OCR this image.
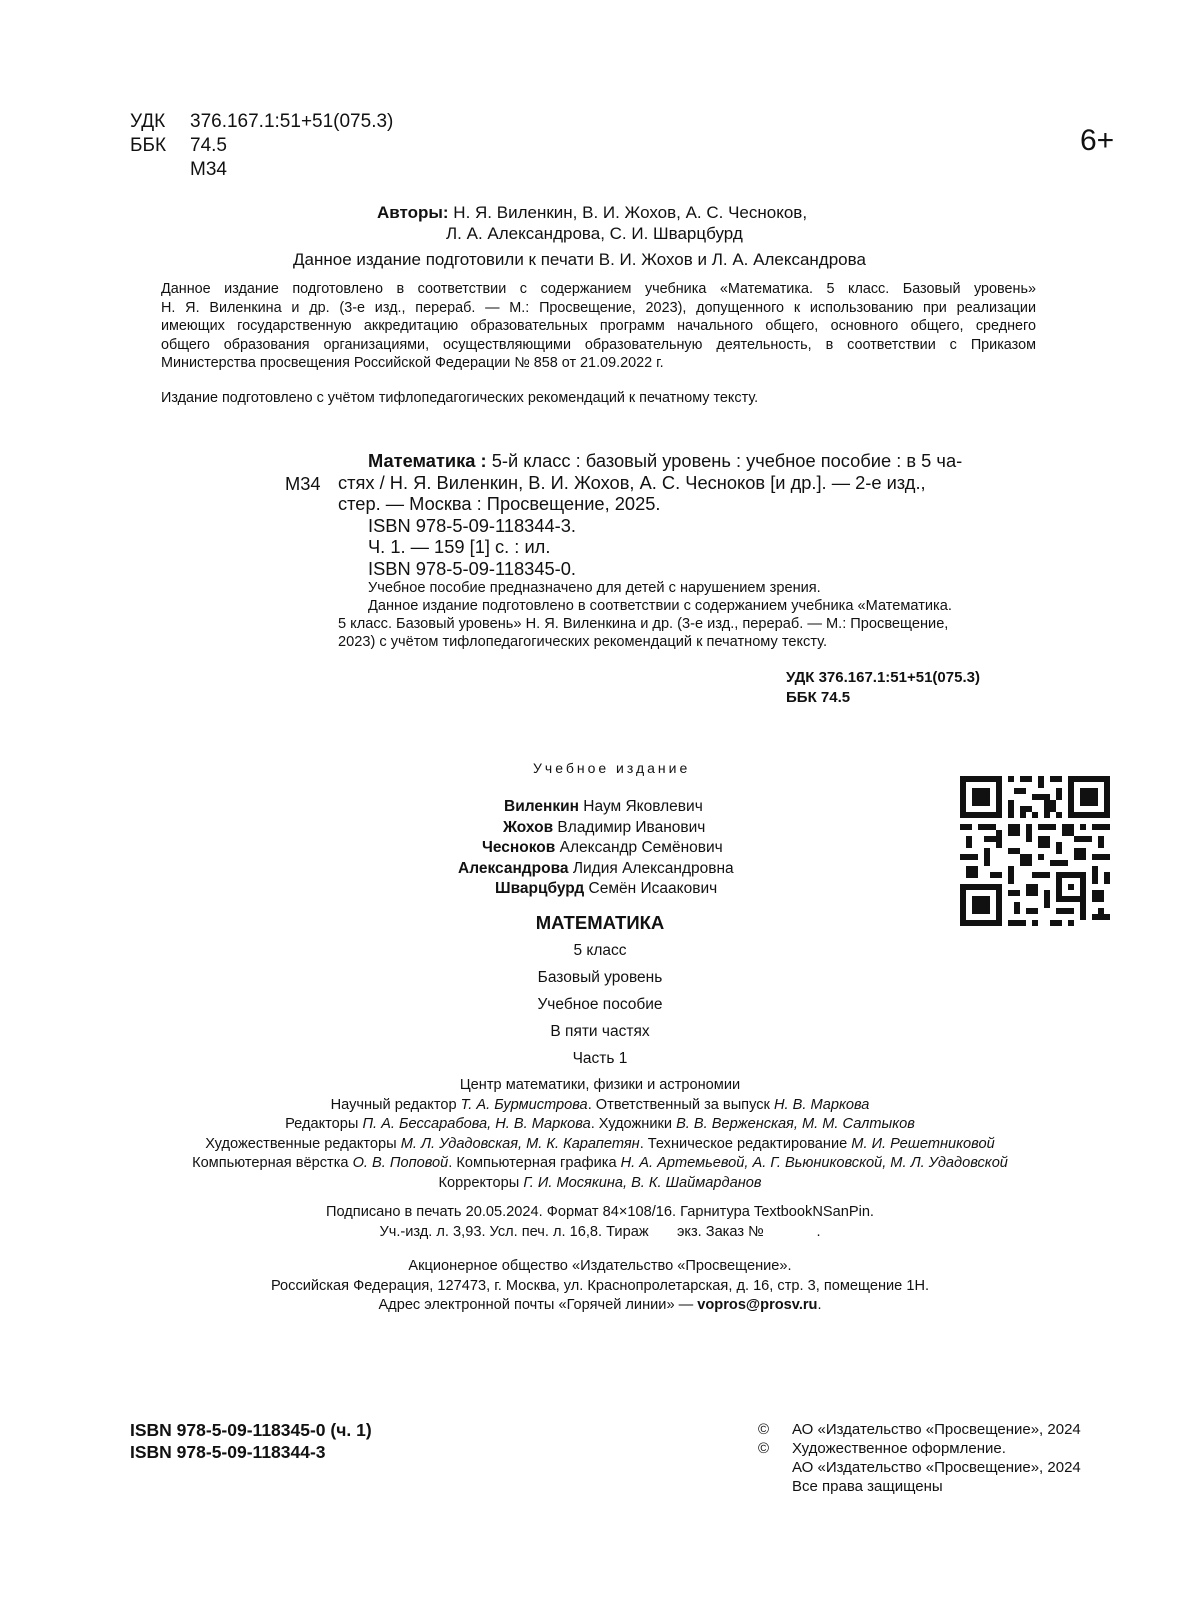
УДК 376.167.1:51+51(075.3)
ББК 74.5
М34
6+
Авторы: Н. Я. Виленкин, В. И. Жохов, А. С. Чесноков,
Л. А. Александрова, С. И. Шварцбурд
Данное издание подготовили к печати В. И. Жохов и Л. А. Александрова

Данное издание подготовлено в соответствии с содержанием учебника «Математика. 5 класс. Базовый уровень»

Н. Я. Виленкина и др. (3-е изд., перераб. — М.: Просвещение, 2023), допущенного к использованию при реализации

имеющих государственную аккредитацию образовательных программ начального общего, основного общего, среднего

общего образования организациями, осуществляющими образовательную деятельность, в соответствии с Приказом

Министерства просвещения Российской Федерации № 858 от 21.09.2022 г.

Издание подготовлено с учётом тифлопедагогических рекомендаций к печатному тексту.
М34

Математика : 5-й класс : базовый уровень : учебное пособие : в 5 ча-

стях / Н. Я. Виленкин, В. И. Жохов, А. С. Чесноков [и др.]. — 2-е изд.,

стер. — Москва : Просвещение, 2025.

ISBN 978-5-09-118344-3.

Ч. 1. — 159 [1] с. : ил.

ISBN 978-5-09-118345-0.

Учебное пособие предназначено для детей с нарушением зрения.

Данное издание подготовлено в соответствии с содержанием учебника «Математика.

5 класс. Базовый уровень» Н. Я. Виленкина и др. (3-е изд., перераб. — М.: Просвещение,

2023) с учётом тифлопедагогических рекомендаций к печатному тексту.

УДК 376.167.1:51+51(075.3)
ББК 74.5
Учебное издание
Виленкин Наум Яковлевич
Жохов Владимир Иванович
Чесноков Александр Семёнович
Александрова Лидия Александровна
Шварцбурд Семён Исаакович
МАТЕМАТИКА
5 класс
Базовый уровень
Учебное пособие
В пяти частях
Часть 1

Центр математики, физики и астрономии

Научный редактор Т. А. Бурмистрова. Ответственный за выпуск Н. В. Маркова

Редакторы П. А. Бессарабова, Н. В. Маркова. Художники В. В. Верженская, М. М. Салтыков

Художественные редакторы М. Л. Удадовская, М. К. Карапетян. Техническое редактирование М. И. Решетниковой

Компьютерная вёрстка О. В. Поповой. Компьютерная графика Н. А. Артемьевой, А. Г. Вьюниковской, М. Л. Удадовской

Корректоры Г. И. Мосякина, В. К. Шаймарданов

Подписано в печать 20.05.2024. Формат 84×108/16. Гарнитура TextbookNSanPin.

Уч.-изд. л. 3,93. Усл. печ. л. 16,8. Тираж       экз. Заказ №             .

Акционерное общество «Издательство «Просвещение».

Российская Федерация, 127473, г. Москва, ул. Краснопролетарская, д. 16, стр. 3, помещение 1Н.

Адрес электронной почты «Горячей линии» — vopros@prosv.ru.

ISBN 978-5-09-118345-0 (ч. 1)
ISBN 978-5-09-118344-3
© АО «Издательство «Просвещение», 2024
© Художественное оформление.
АО «Издательство «Просвещение», 2024
Все права защищены
